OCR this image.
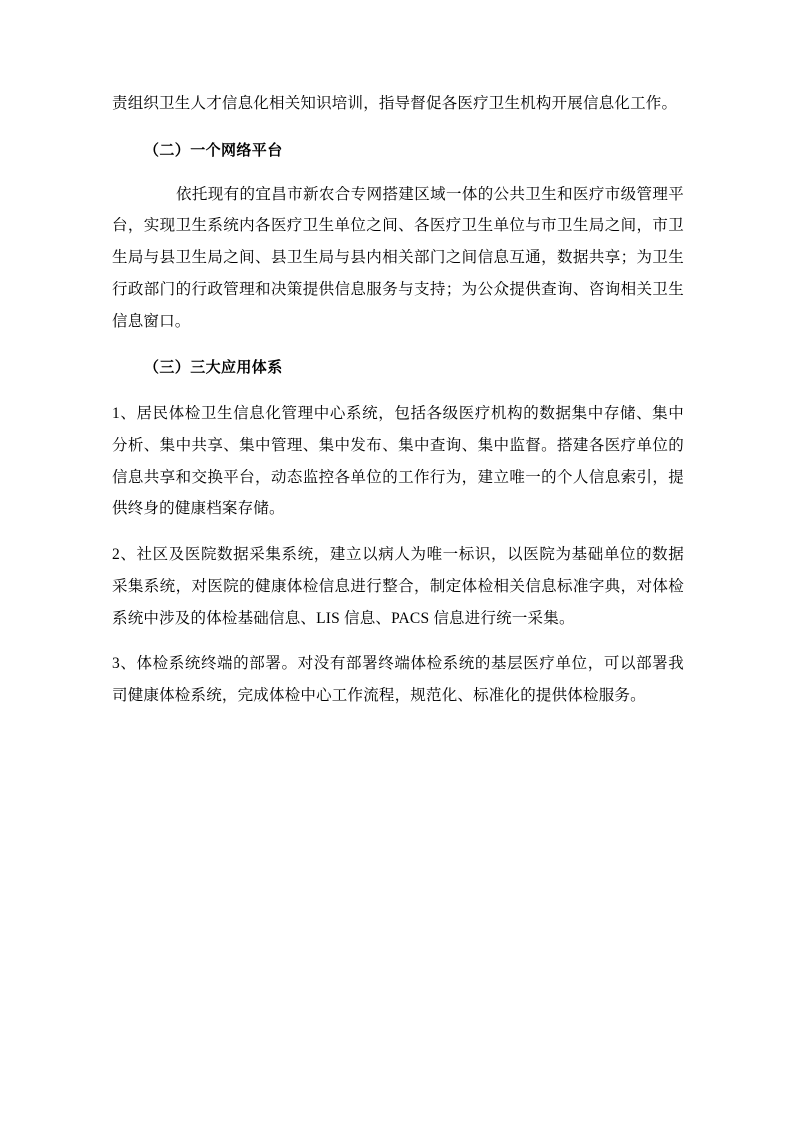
责组织卫生人才信息化相关知识培训，指导督促各医疗卫生机构开展信息化工作。

（二）一个网络平台

依托现有的宜昌市新农合专网搭建区域一体的公共卫生和医疗市级管理平台，实现卫生系统内各医疗卫生单位之间、各医疗卫生单位与市卫生局之间，市卫生局与县卫生局之间、县卫生局与县内相关部门之间信息互通，数据共享；为卫生行政部门的行政管理和决策提供信息服务与支持；为公众提供查询、咨询相关卫生信息窗口。

（三）三大应用体系

1、居民体检卫生信息化管理中心系统，包括各级医疗机构的数据集中存储、集中分析、集中共享、集中管理、集中发布、集中查询、集中监督。搭建各医疗单位的信息共享和交换平台，动态监控各单位的工作行为，建立唯一的个人信息索引，提供终身的健康档案存储。

2、社区及医院数据采集系统，建立以病人为唯一标识，以医院为基础单位的数据采集系统，对医院的健康体检信息进行整合，制定体检相关信息标准字典，对体检系统中涉及的体检基础信息、LIS 信息、PACS 信息进行统一采集。

3、体检系统终端的部署。对没有部署终端体检系统的基层医疗单位，可以部署我司健康体检系统，完成体检中心工作流程，规范化、标准化的提供体检服务。
